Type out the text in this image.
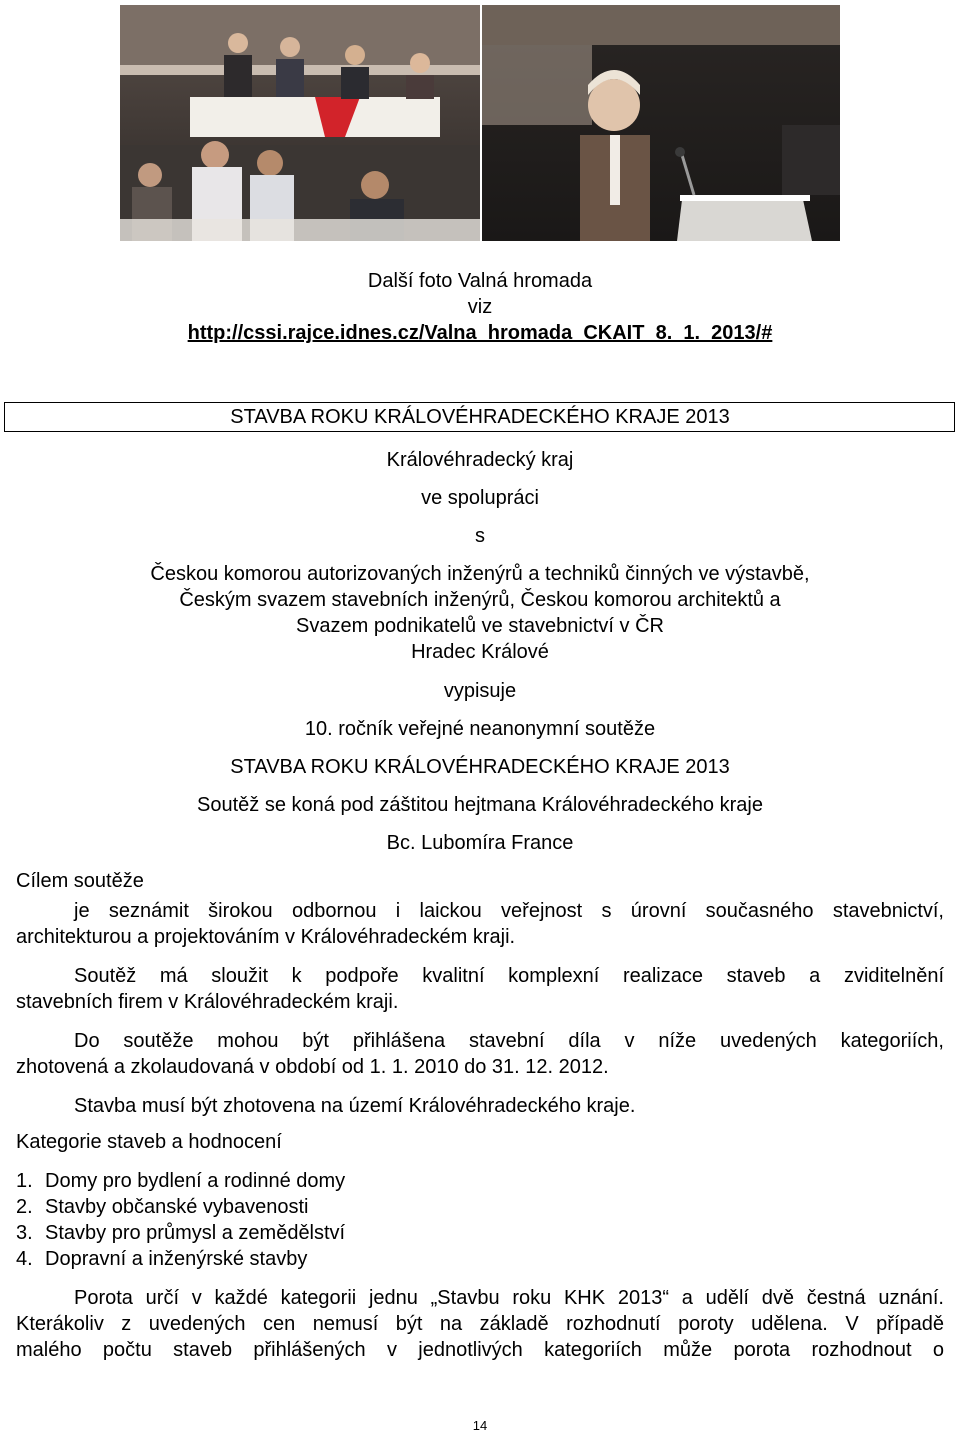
Další foto Valná hromada
viz
http://cssi.rajce.idnes.cz/Valna_hromada_CKAIT_8._1._2013/#
STAVBA ROKU KRÁLOVÉHRADECKÉHO KRAJE 2013
Královéhradecký kraj
ve spolupráci
s
Českou komorou autorizovaných inženýrů a techniků činných ve výstavbě,
Českým svazem stavebních inženýrů, Českou komorou architektů a
Svazem podnikatelů ve stavebnictví v ČR
Hradec Králové
vypisuje
10. ročník veřejné neanonymní soutěže
STAVBA ROKU KRÁLOVÉHRADECKÉHO KRAJE 2013
Soutěž se koná pod záštitou hejtmana Královéhradeckého kraje
Bc. Lubomíra France
Cílem soutěže
je seznámit širokou odbornou i laickou veřejnost s úrovní současného stavebnictví,
architekturou a projektováním v Královéhradeckém kraji.
Soutěž má sloužit k podpoře kvalitní komplexní realizace staveb a zviditelnění
stavebních firem v Královéhradeckém kraji.
Do soutěže mohou být přihlášena stavební díla v níže uvedených kategoriích,
zhotovená a zkolaudovaná v období od 1. 1. 2010 do 31. 12. 2012.
Stavba musí být zhotovena na území Královéhradeckého kraje.
Kategorie staveb a hodnocení
1. Domy pro bydlení a rodinné domy
2. Stavby občanské vybavenosti
3. Stavby pro průmysl a zemědělství
4. Dopravní a inženýrské stavby
Porota určí v každé kategorii jednu „Stavbu roku KHK 2013“ a udělí dvě čestná uznání.
Kterákoliv z uvedených cen nemusí být na základě rozhodnutí poroty udělena. V případě
malého počtu staveb přihlášených v jednotlivých kategoriích může porota rozhodnout o
14
